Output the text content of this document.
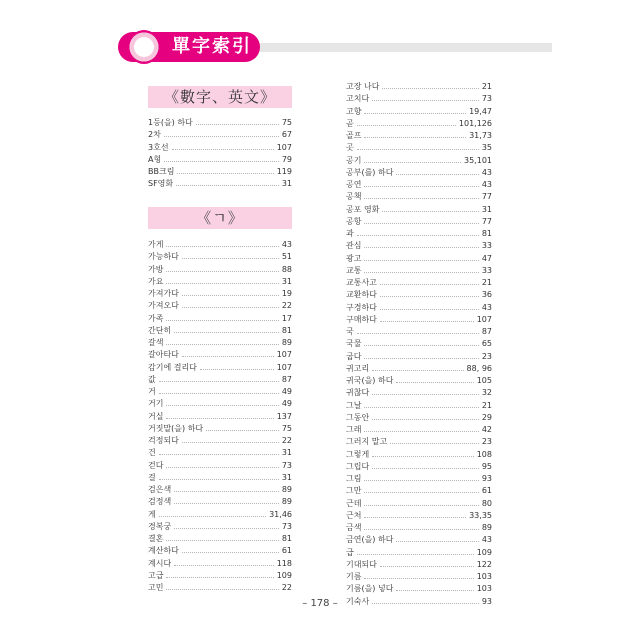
單字索引
《數字、英文》
1등(을) 하다	75
2차	67
3호선	107
A형	79
BB크림	119
SF영화	31
《ㄱ》
가게	43
가능하다	51
가방	88
가요	31
가져가다	19
가져오다	22
가족	17
간단히	81
갈색	89
갈아타다	107
감기에 걸리다	107
값	87
거	49
거기	49
거실	137
거짓말(을) 하다	75
걱정되다	22
건	31
걷다	73
걸	31
검은색	89
검정색	89
게	31,46
경복궁	73
결혼	81
계산하다	61
계시다	118
고급	109
고민	22
고장 나다	21
고치다	73
고향	19,47
곧	101,126
골프	31,73
곳	35
공기	35,101
공부(를) 하다	43
공연	43
공책	77
공포 영화	31
공항	77
과	81
관심	33
광고	47
교통	33
교통사고	21
교환하다	36
구경하다	43
구매하다	107
국	87
국물	65
굽다	23
귀고리	88, 96
귀국(을) 하다	105
귀찮다	32
그날	21
그동안	29
그래	42
그러지 말고	23
그렇게	108
그립다	95
그림	93
그만	61
근데	80
근처	33,35
금색	89
금연(을) 하다	43
급	109
기대되다	122
기름	103
기름(을) 넣다	103
기숙사	93
– 178 –
